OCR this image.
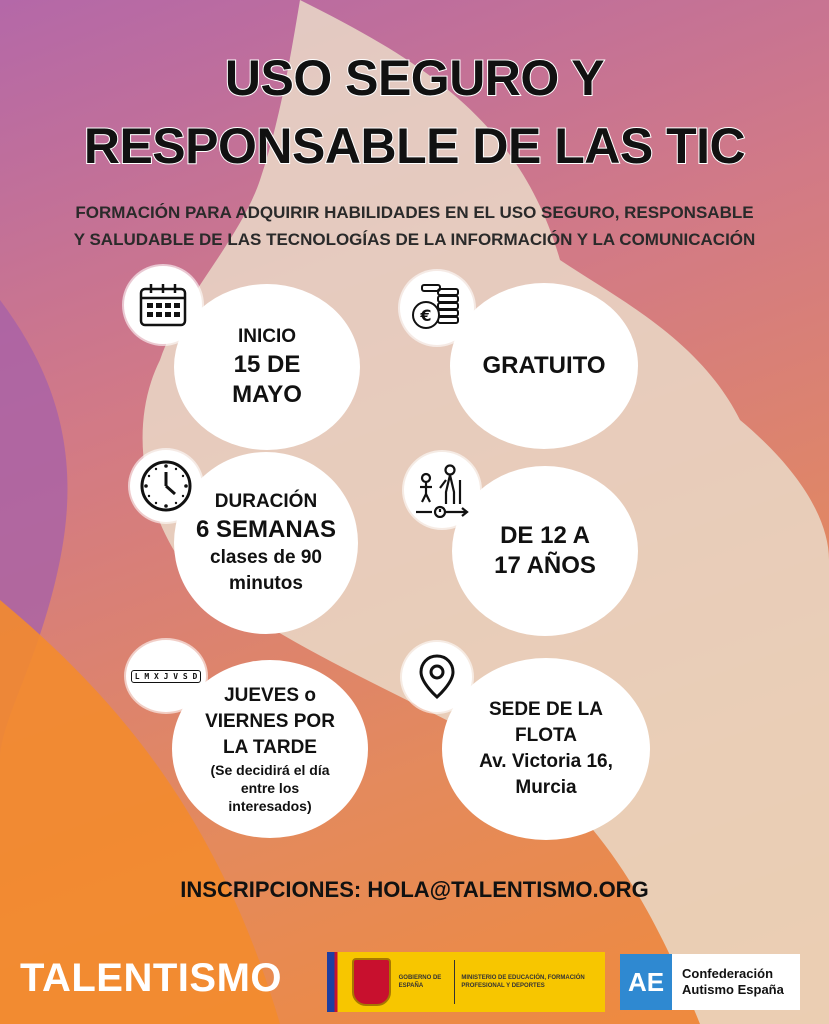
USO SEGURO Y
RESPONSABLE DE LAS TIC
FORMACIÓN PARA ADQUIRIR HABILIDADES EN EL USO SEGURO, RESPONSABLE
Y SALUDABLE DE LAS TECNOLOGÍAS DE LA INFORMACIÓN Y LA COMUNICACIÓN
INICIO
15 DE
MAYO
GRATUITO
€
DURACIÓN
6 SEMANAS
clases de 90
minutos
DE 12 A
17 AÑOS
JUEVES o
VIERNES POR
LA TARDE
(Se decidirá el día
entre los
interesados)
L M X J V S D
SEDE DE LA
FLOTA
Av. Victoria 16,
Murcia
INSCRIPCIONES: HOLA@TALENTISMO.ORG
TALENTISMO	GOBIERNO DE ESPAÑA
MINISTERIO DE EDUCACIÓN, FORMACIÓN PROFESIONAL Y DEPORTES	AE	Confederación
Autismo España
